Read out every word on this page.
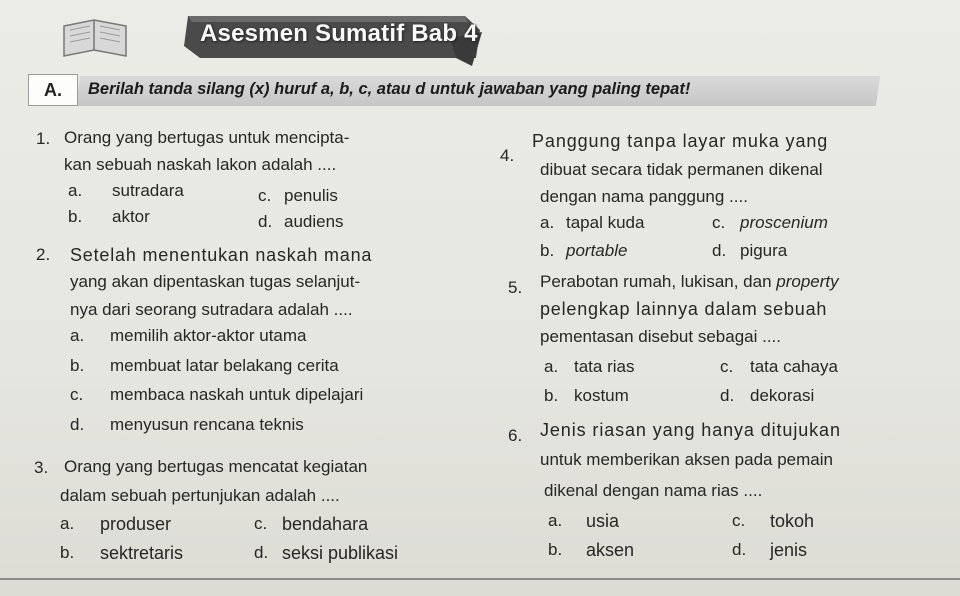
Asesmen Sumatif Bab 4
A.	Berilah tanda silang (x) huruf a, b, c, atau d untuk jawaban yang paling tepat!
1. Orang yang bertugas untuk mencipta-
kan sebuah naskah lakon adalah ....
a. sutradara	c. penulis
b. aktor	d. audiens
2. Setelah menentukan naskah mana
yang akan dipentaskan tugas selanjut-
nya dari seorang sutradara adalah ....
a. memilih aktor-aktor utama
b. membuat latar belakang cerita
c. membaca naskah untuk dipelajari
d. menyusun rencana teknis
3. Orang yang bertugas mencatat kegiatan
dalam sebuah pertunjukan adalah ....
a. produser	c. bendahara
b. sektretaris	d. seksi publikasi
4.
Panggung tanpa layar muka yang
dibuat secara tidak permanen dikenal
dengan nama panggung ....
a. tapal kuda	c. proscenium
b. portable	d. pigura
5. Perabotan rumah, lukisan, dan property
pelengkap lainnya dalam sebuah
pementasan disebut sebagai ....
a. tata rias	c. tata cahaya
b. kostum	d. dekorasi
6. Jenis riasan yang hanya ditujukan
untuk memberikan aksen pada pemain
dikenal dengan nama rias ....
a. usia	c. tokoh
b. aksen	d. jenis
